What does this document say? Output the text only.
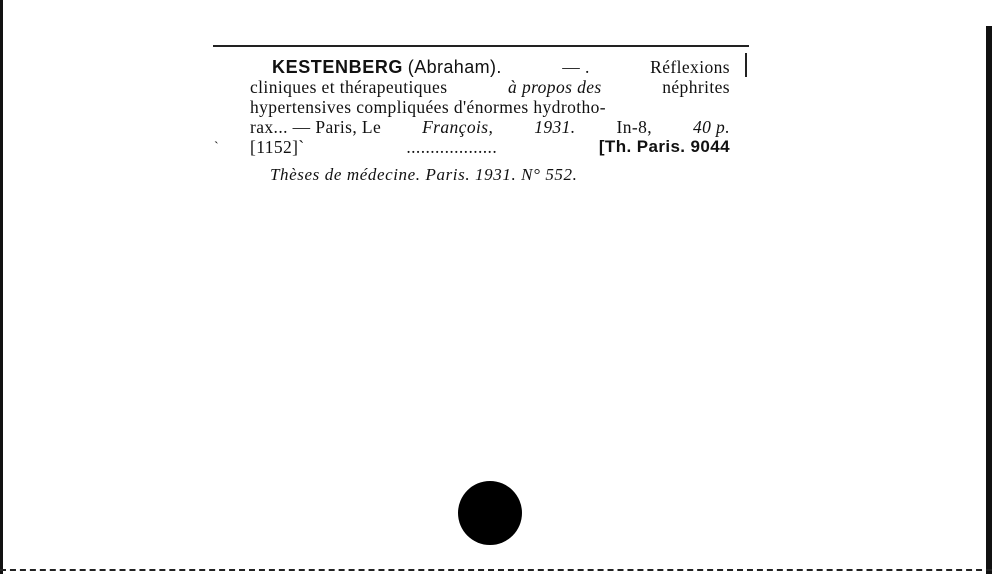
`
KESTENBERG (Abraham).	— .	Réflexions
cliniques et thérapeutiques	à propos des	néphrites
hypertensives compliquées d'énormes hydrotho-
rax... — Paris, Le François, 1931. In-8, 40 p.
[1152]`	...................	[Th. Paris. 9044
Thèses de médecine. Paris. 1931. N° 552.
